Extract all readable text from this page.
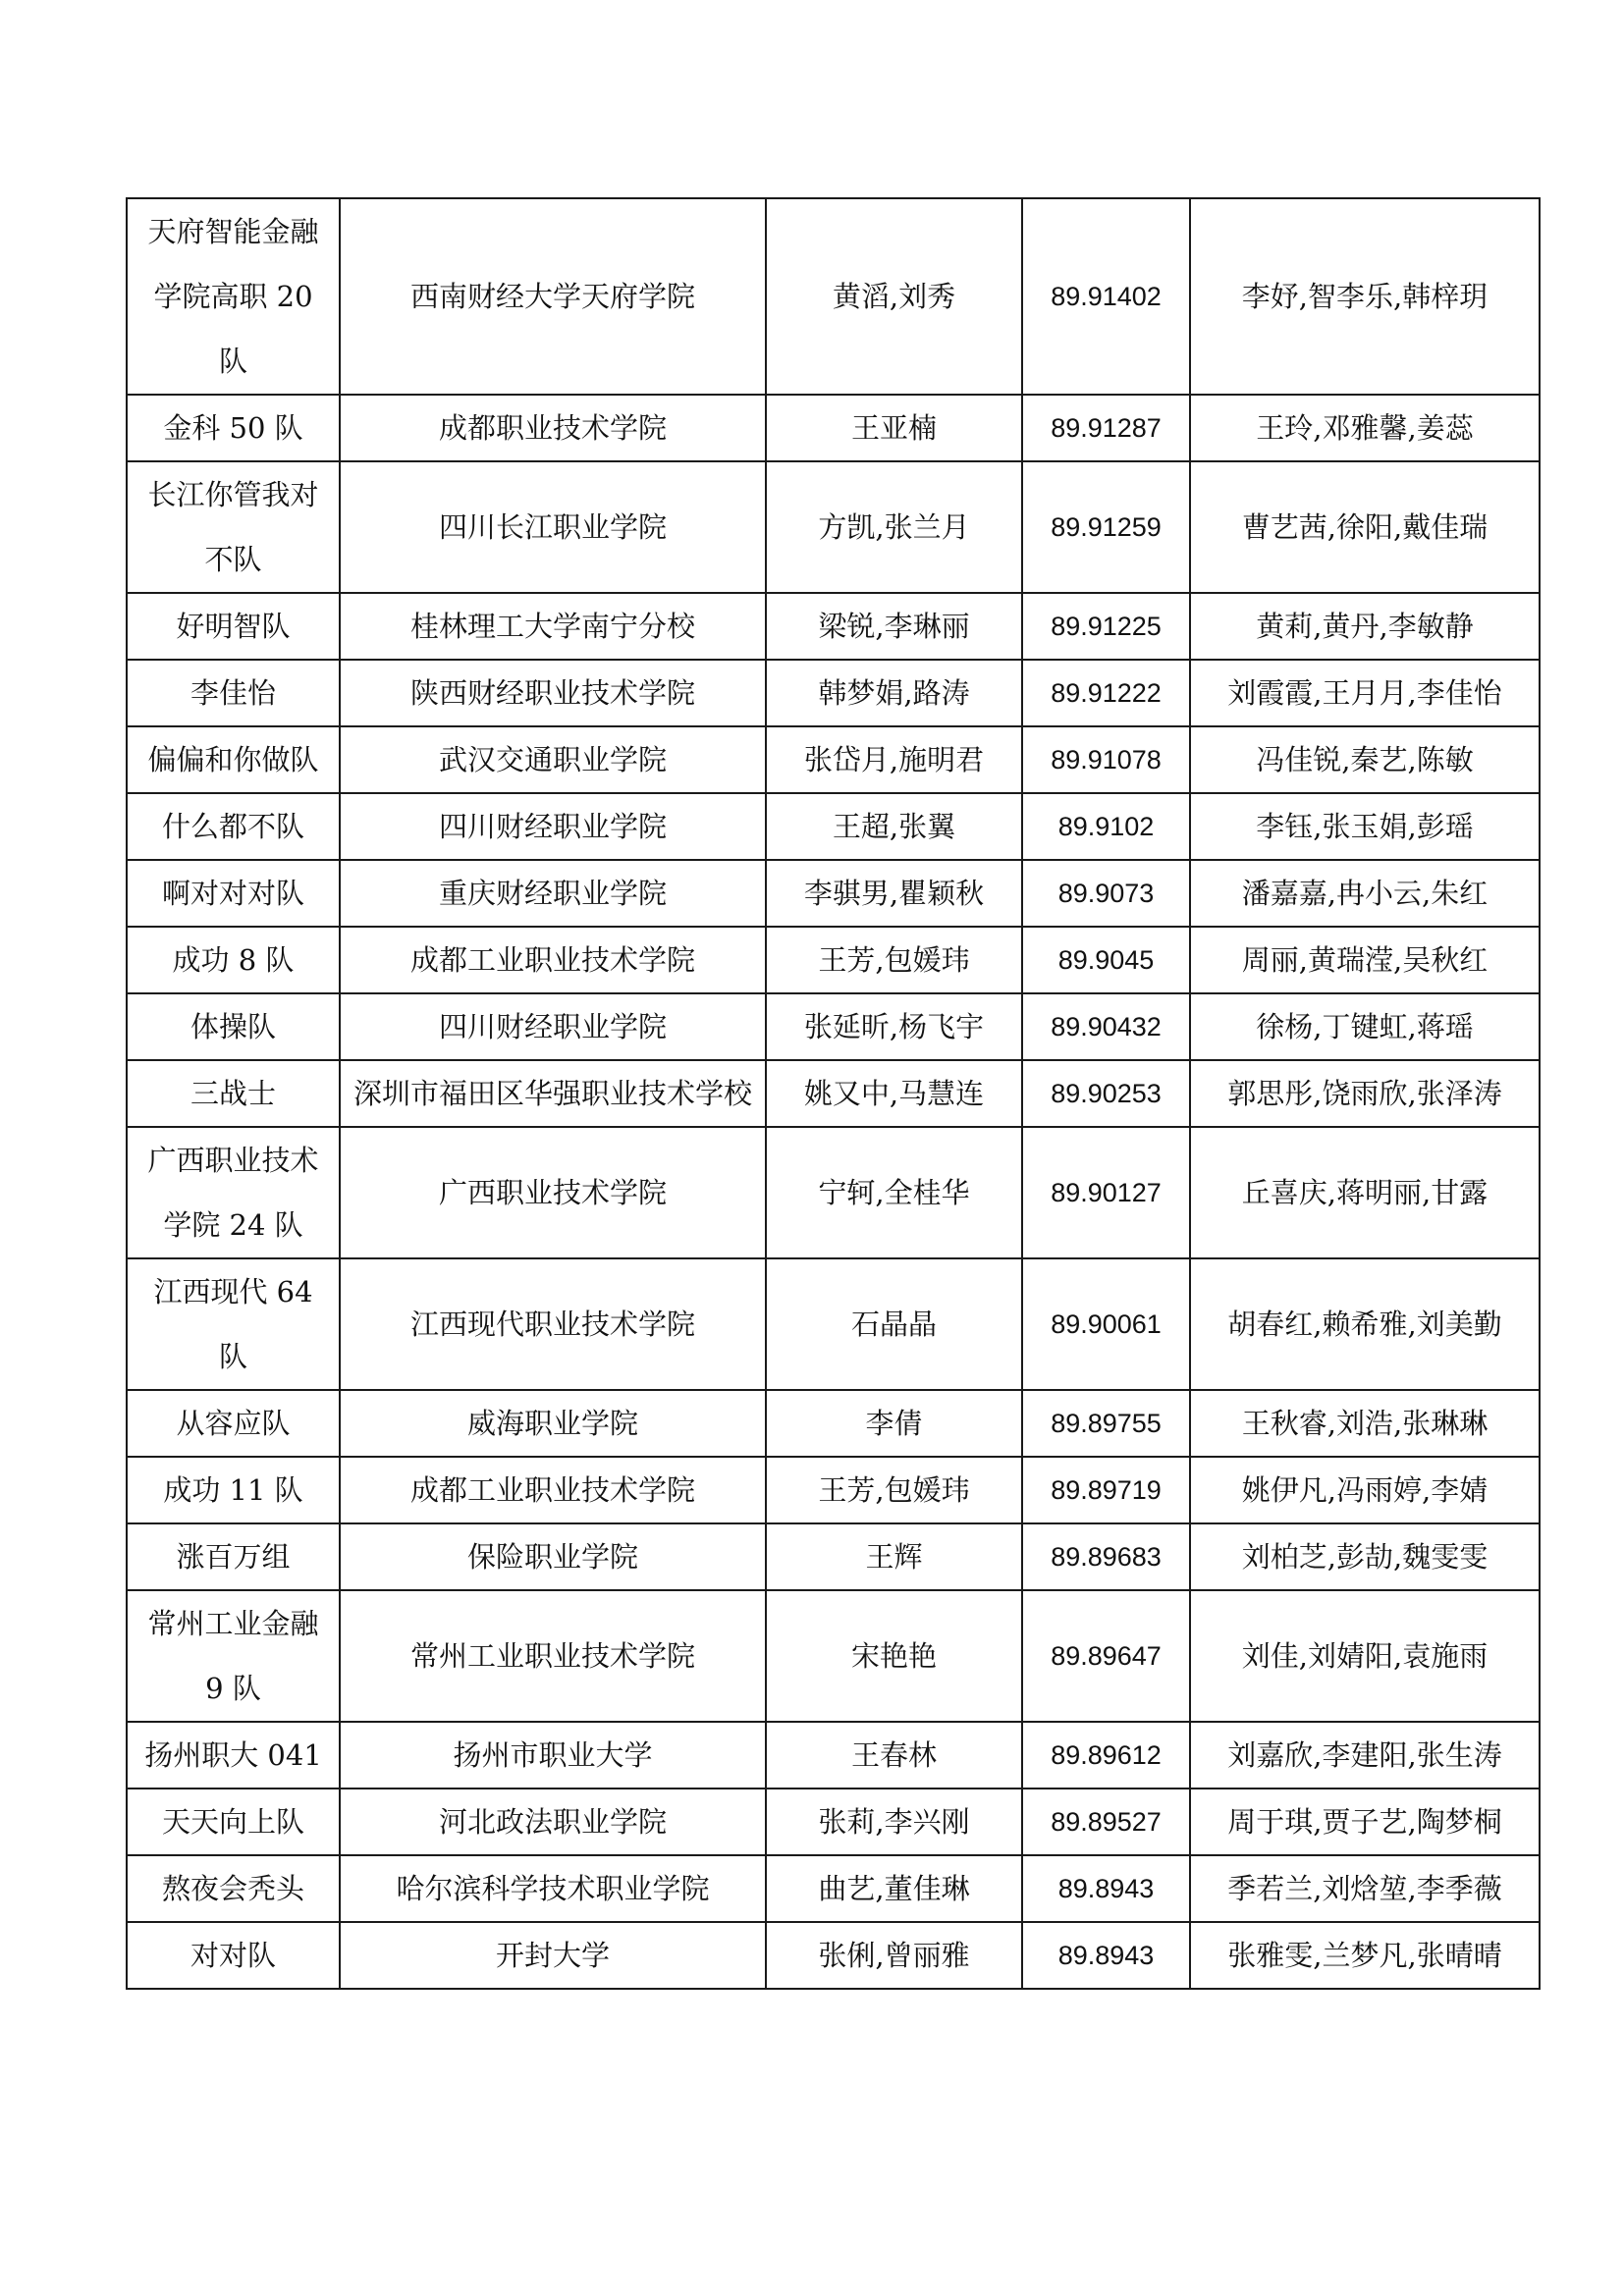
天府智能金融学院高职 20 队	西南财经大学天府学院	黄滔,刘秀	89.91402	李妤,智李乐,韩梓玥
金科 50 队	成都职业技术学院	王亚楠	89.91287	王玲,邓雅馨,姜蕊
长江你管我对不队	四川长江职业学院	方凯,张兰月	89.91259	曹艺茜,徐阳,戴佳瑞
好明智队	桂林理工大学南宁分校	梁锐,李琳丽	89.91225	黄莉,黄丹,李敏静
李佳怡	陕西财经职业技术学院	韩梦娟,路涛	89.91222	刘霞霞,王月月,李佳怡
偏偏和你做队	武汉交通职业学院	张岱月,施明君	89.91078	冯佳锐,秦艺,陈敏
什么都不队	四川财经职业学院	王超,张翼	89.9102	李钰,张玉娟,彭瑶
啊对对对队	重庆财经职业学院	李骐男,瞿颖秋	89.9073	潘嘉嘉,冉小云,朱红
成功 8 队	成都工业职业技术学院	王芳,包媛玮	89.9045	周丽,黄瑞滢,吴秋红
体操队	四川财经职业学院	张延昕,杨飞宇	89.90432	徐杨,丁键虹,蒋瑶
三战士	深圳市福田区华强职业技术学校	姚又中,马慧连	89.90253	郭思彤,饶雨欣,张泽涛
广西职业技术学院 24 队	广西职业技术学院	宁轲,全桂华	89.90127	丘喜庆,蒋明丽,甘露
江西现代 64 队	江西现代职业技术学院	石晶晶	89.90061	胡春红,赖希雅,刘美勤
从容应队	威海职业学院	李倩	89.89755	王秋睿,刘浩,张琳琳
成功 11 队	成都工业职业技术学院	王芳,包媛玮	89.89719	姚伊凡,冯雨婷,李婧
涨百万组	保险职业学院	王辉	89.89683	刘柏芝,彭劼,魏雯雯
常州工业金融 9 队	常州工业职业技术学院	宋艳艳	89.89647	刘佳,刘婧阳,袁施雨
扬州职大 041	扬州市职业大学	王春林	89.89612	刘嘉欣,李建阳,张生涛
天天向上队	河北政法职业学院	张莉,李兴刚	89.89527	周于琪,贾子艺,陶梦桐
熬夜会秃头	哈尔滨科学技术职业学院	曲艺,董佳琳	89.8943	季若兰,刘焓堃,李季薇
对对队	开封大学	张俐,曾丽雅	89.8943	张雅雯,兰梦凡,张晴晴
